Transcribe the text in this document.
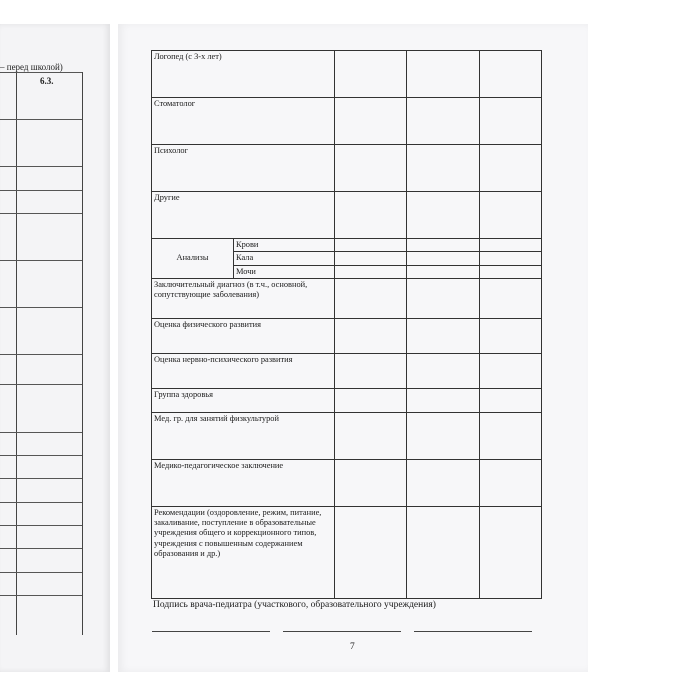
– перед школой)
6.3.
Логопед (с 3-х лет)				
Стоматолог				
Психолог				
Другие				
Анализы	Крови			
	Кала			
	Мочи			
Заключительный диагноз (в т.ч., основной, сопутствующие заболевания)				
Оценка физического развития				
Оценка нервно-психического развития				
Группа здоровья				
Мед. гр. для занятий физкультурой				
Медико-педагогическое заключение				
Рекомендации (оздоровление, режим, питание, закаливание, поступление в образовательные учреждения общего и коррекционного типов, учреждения с повышенным содержанием образования и др.)				
Подпись врача-педиатра (участкового, образовательного учреждения)
7
